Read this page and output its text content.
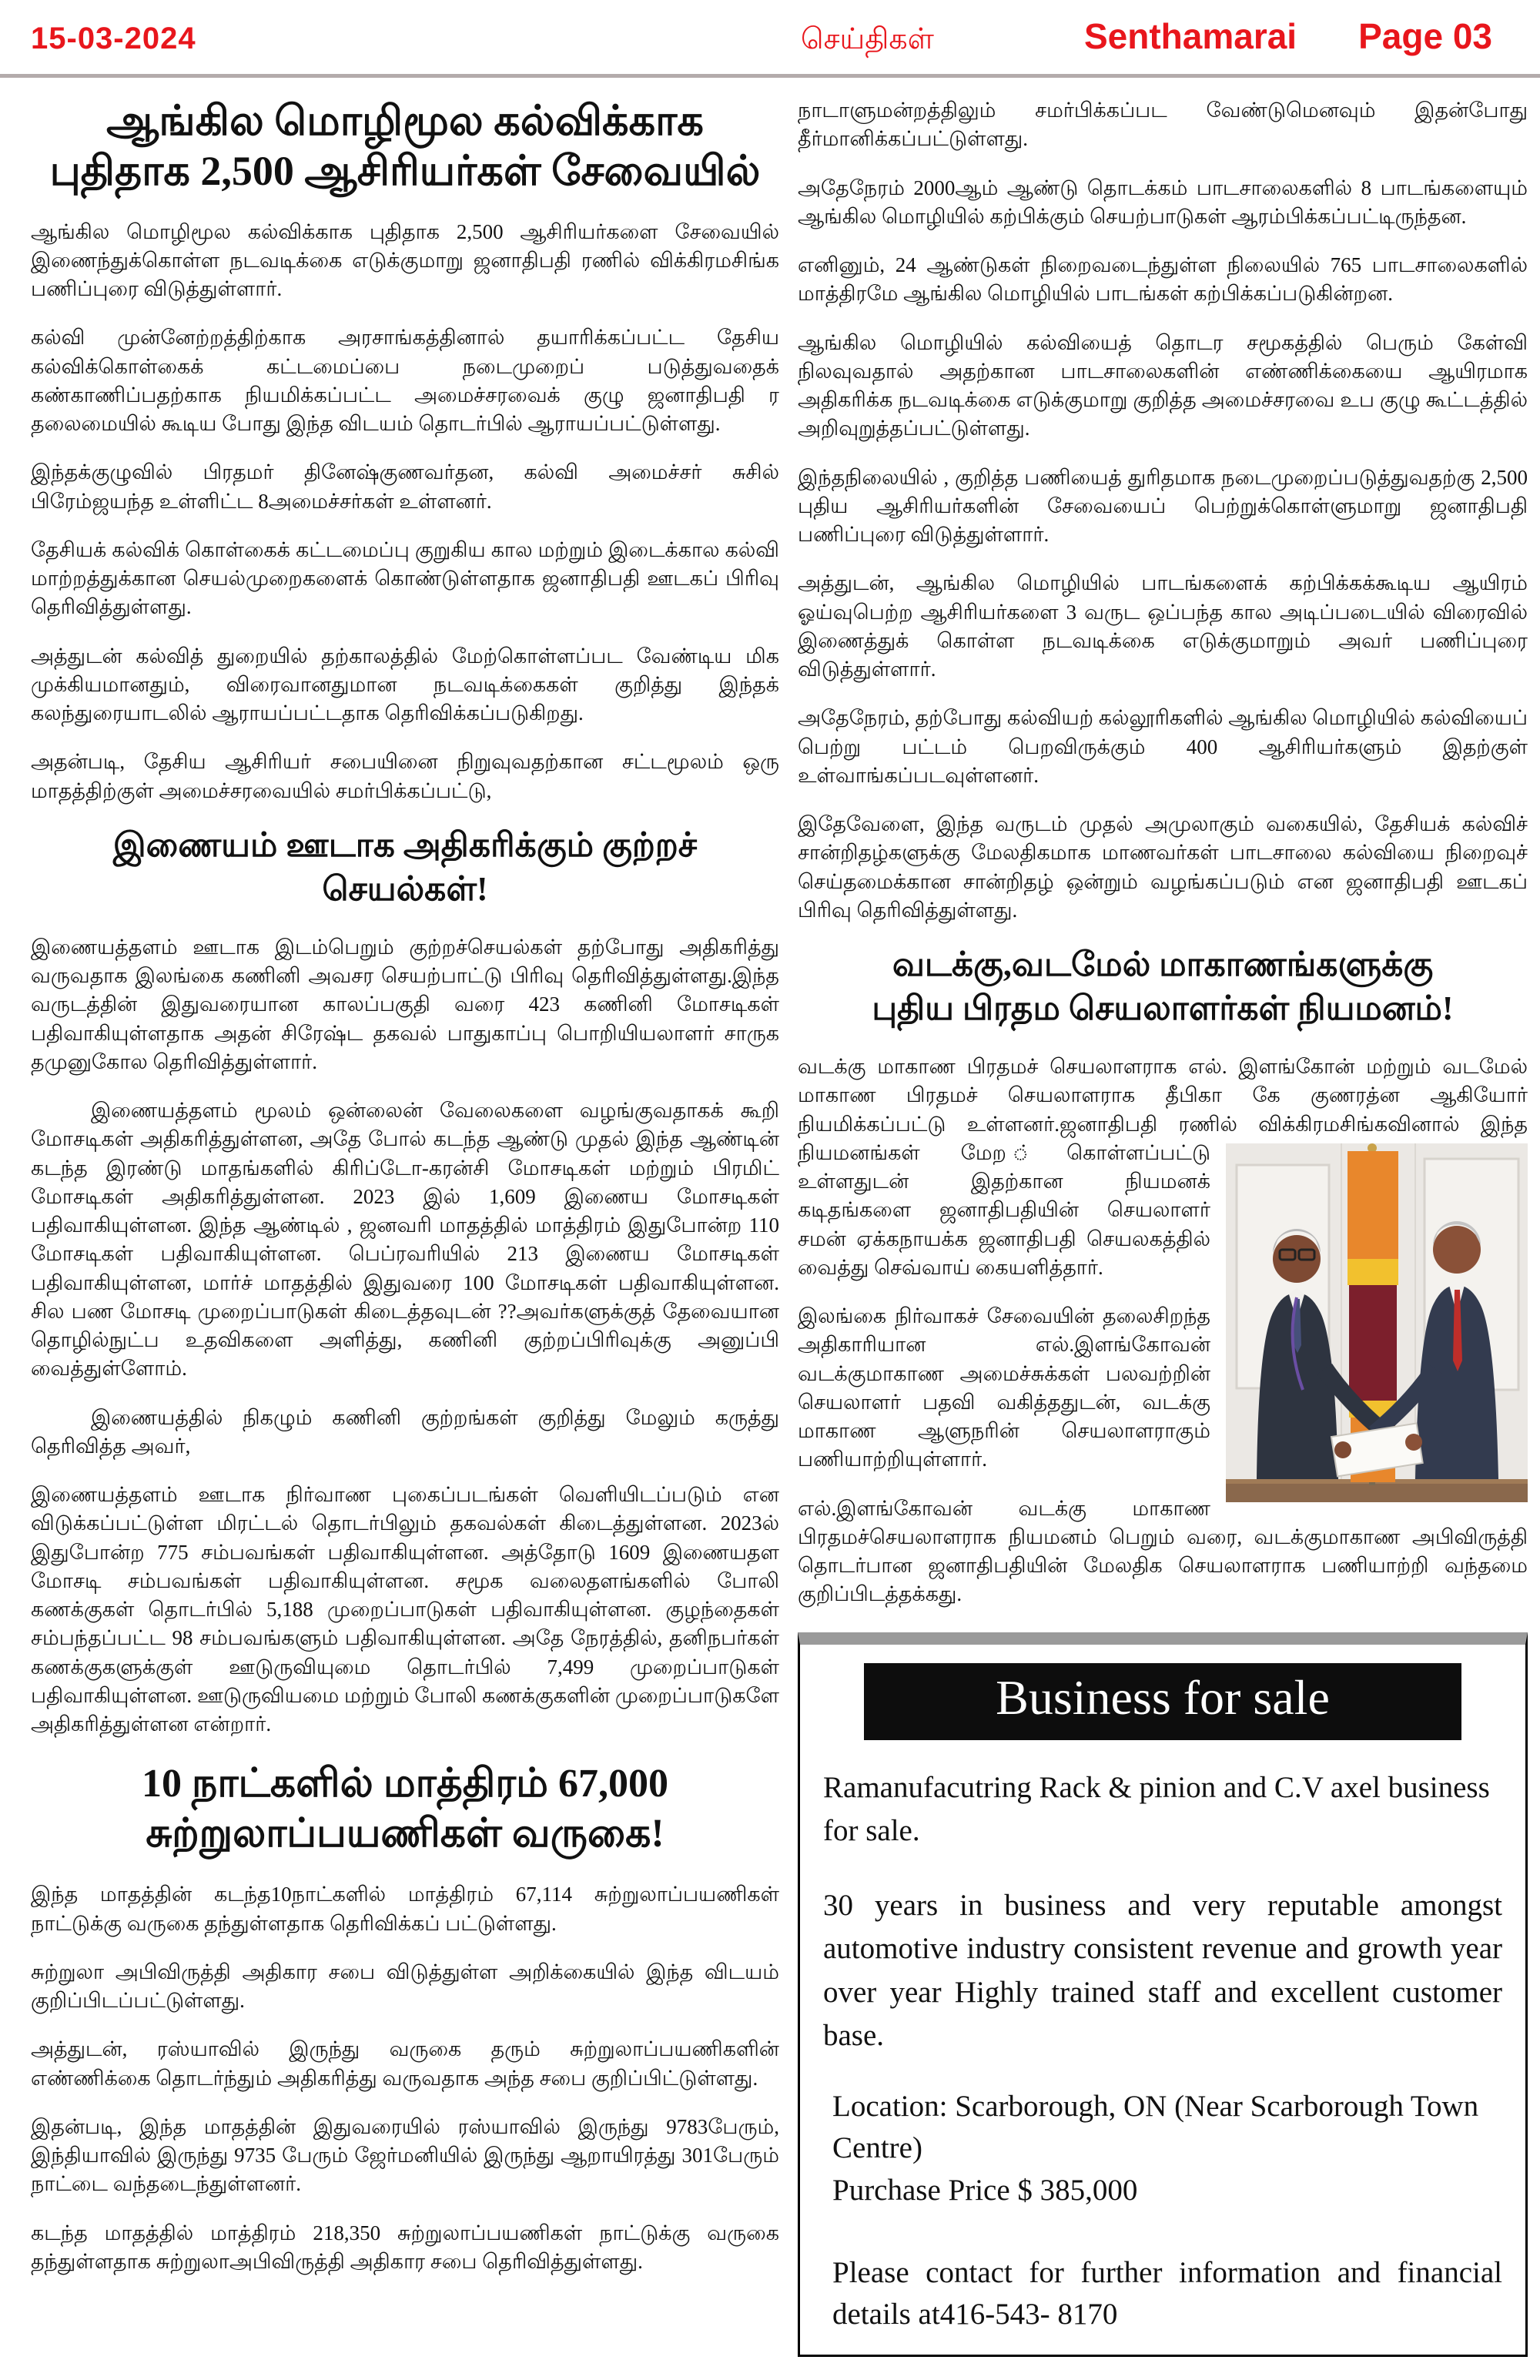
15-03-2024	செய்திகள்	Senthamarai Page 03
ஆங்கில மொழிமூல கல்விக்காக
புதிதாக 2,500 ஆசிரியர்கள் சேவையில்

ஆங்கில மொழிமூல கல்விக்காக புதிதாக 2,500 ஆசிரியர்களை சேவையில் இணைந்துக்கொள்ள நடவடிக்கை எடுக்குமாறு ஜனாதிபதி ரணில் விக்கிரமசிங்க பணிப்புரை விடுத்துள்ளார்.

கல்வி முன்னேற்றத்திற்காக அரசாங்கத்தினால் தயாரிக்கப்பட்ட தேசிய கல்விக்கொள்கைக் கட்டமைப்பை நடைமுறைப் படுத்துவதைக் கண்காணிப்பதற்காக நியமிக்கப்பட்ட அமைச்சரவைக் குழு ஜனாதிபதி ர தலைமையில் கூடிய போது இந்த விடயம் தொடர்பில் ஆராயப்பட்டுள்ளது.

இந்தக்குழுவில் பிரதமர் தினேஷ்குணவர்தன, கல்வி அமைச்சர் சுசில் பிரேம்ஜயந்த உள்ளிட்ட 8அமைச்சர்கள் உள்ளனர்.

தேசியக் கல்விக் கொள்கைக் கட்டமைப்பு குறுகிய கால மற்றும் இடைக்கால கல்வி மாற்றத்துக்கான செயல்முறைகளைக் கொண்டுள்ளதாக ஜனாதிபதி ஊடகப் பிரிவு தெரிவித்துள்ளது.

அத்துடன் கல்வித் துறையில் தற்காலத்தில் மேற்கொள்ளப்பட வேண்டிய மிக முக்கியமானதும், விரைவானதுமான நடவடிக்கைகள் குறித்து இந்தக் கலந்துரையாடலில் ஆராயப்பட்டதாக தெரிவிக்கப்படுகிறது.

அதன்படி, தேசிய ஆசிரியர் சபையினை நிறுவுவதற்கான சட்டமூலம் ஒரு மாதத்திற்குள் அமைச்சரவையில் சமர்பிக்கப்பட்டு,

இணையம் ஊடாக அதிகரிக்கும் குற்றச் செயல்கள்!

இணையத்தளம் ஊடாக இடம்பெறும் குற்றச்செயல்கள் தற்போது அதிகரித்து வருவதாக இலங்கை கணினி அவசர செயற்பாட்டு பிரிவு தெரிவித்துள்ளது.இந்த வருடத்தின் இதுவரையான காலப்பகுதி வரை 423 கணினி மோசடிகள் பதிவாகியுள்ளதாக அதன் சிரேஷ்ட தகவல் பாதுகாப்பு பொறியியலாளர் சாருக தமுனுகோல தெரிவித்துள்ளார்.

இணையத்தளம் மூலம் ஒன்லைன் வேலைகளை வழங்குவதாகக் கூறி மோசடிகள் அதிகரித்துள்ளன, அதே போல் கடந்த ஆண்டு முதல் இந்த ஆண்டின் கடந்த இரண்டு மாதங்களில் கிரிப்டோ-கரன்சி மோசடிகள் மற்றும் பிரமிட் மோசடிகள் அதிகரித்துள்ளன. 2023 இல் 1,609 இணைய மோசடிகள் பதிவாகியுள்ளன. இந்த ஆண்டில் , ஜனவரி மாதத்தில் மாத்திரம் இதுபோன்ற 110 மோசடிகள் பதிவாகியுள்ளன. பெப்ரவரியில் 213 இணைய மோசடிகள் பதிவாகியுள்ளன, மார்ச் மாதத்தில் இதுவரை 100 மோசடிகள் பதிவாகியுள்ளன. சில பண மோசடி முறைப்பாடுகள் கிடைத்தவுடன் ??அவர்களுக்குத் தேவையான தொழில்நுட்ப உதவிகளை அளித்து, கணினி குற்றப்பிரிவுக்கு அனுப்பி வைத்துள்ளோம்.

இணையத்தில் நிகழும் கணினி குற்றங்கள் குறித்து மேலும் கருத்து தெரிவித்த அவர்,

இணையத்தளம் ஊடாக நிர்வாண புகைப்படங்கள் வெளியிடப்படும் என விடுக்கப்பட்டுள்ள மிரட்டல் தொடர்பிலும் தகவல்கள் கிடைத்துள்ளன. 2023ல் இதுபோன்ற 775 சம்பவங்கள் பதிவாகியுள்ளன. அத்தோடு 1609 இணையதள மோசடி சம்பவங்கள் பதிவாகியுள்ளன. சமூக வலைதளங்களில் போலி கணக்குகள் தொடர்பில் 5,188 முறைப்பாடுகள் பதிவாகியுள்ளன. குழந்தைகள் சம்பந்தப்பட்ட 98 சம்பவங்களும் பதிவாகியுள்ளன. அதே நேரத்தில், தனிநபர்கள் கணக்குகளுக்குள் ஊடுருவியுமை தொடர்பில் 7,499 முறைப்பாடுகள் பதிவாகியுள்ளன. ஊடுருவியமை மற்றும் போலி கணக்குகளின் முறைப்பாடுகளே அதிகரித்துள்ளன என்றார்.

10 நாட்களில் மாத்திரம் 67,000
சுற்றுலாப்பயணிகள் வருகை!

இந்த மாதத்தின் கடந்த10நாட்களில் மாத்திரம் 67,114 சுற்றுலாப்பயணிகள் நாட்டுக்கு வருகை தந்துள்ளதாக தெரிவிக்கப் பட்டுள்ளது.

சுற்றுலா அபிவிருத்தி அதிகார சபை விடுத்துள்ள அறிக்கையில் இந்த விடயம் குறிப்பிடப்பட்டுள்ளது.

அத்துடன், ரஸ்யாவில் இருந்து வருகை தரும் சுற்றுலாப்பயணிகளின் எண்ணிக்கை தொடர்ந்தும் அதிகரித்து வருவதாக அந்த சபை குறிப்பிட்டுள்ளது.

இதன்படி, இந்த மாதத்தின் இதுவரையில் ரஸ்யாவில் இருந்து 9783பேரும், இந்தியாவில் இருந்து 9735 பேரும் ஜேர்மனியில் இருந்து ஆறாயிரத்து 301பேரும் நாட்டை வந்தடைந்துள்ளனர்.

கடந்த மாதத்தில் மாத்திரம் 218,350 சுற்றுலாப்பயணிகள் நாட்டுக்கு வருகை தந்துள்ளதாக சுற்றுலாஅபிவிருத்தி அதிகார சபை தெரிவித்துள்ளது.

நாடாளுமன்றத்திலும் சமர்பிக்கப்பட வேண்டுமெனவும் இதன்போது தீர்மானிக்கப்பட்டுள்ளது.

அதேநேரம் 2000ஆம் ஆண்டு தொடக்கம் பாடசாலைகளில் 8 பாடங்களையும் ஆங்கில மொழியில் கற்பிக்கும் செயற்பாடுகள் ஆரம்பிக்கப்பட்டிருந்தன.

எனினும், 24 ஆண்டுகள் நிறைவடைந்துள்ள நிலையில் 765 பாடசாலைகளில் மாத்திரமே ஆங்கில மொழியில் பாடங்கள் கற்பிக்கப்படுகின்றன.

ஆங்கில மொழியில் கல்வியைத் தொடர சமூகத்தில் பெரும் கேள்வி நிலவுவதால் அதற்கான பாடசாலைகளின் எண்ணிக்கையை ஆயிரமாக அதிகரிக்க நடவடிக்கை எடுக்குமாறு குறித்த அமைச்சரவை உப குழு கூட்டத்தில் அறிவுறுத்தப்பட்டுள்ளது.

இந்தநிலையில் , குறித்த பணியைத் துரிதமாக நடைமுறைப்படுத்துவதற்கு 2,500 புதிய ஆசிரியர்களின் சேவையைப் பெற்றுக்கொள்ளுமாறு ஜனாதிபதி பணிப்புரை விடுத்துள்ளார்.

அத்துடன், ஆங்கில மொழியில் பாடங்களைக் கற்பிக்கக்கூடிய ஆயிரம் ஓய்வுபெற்ற ஆசிரியர்களை 3 வருட ஒப்பந்த கால அடிப்படையில் விரைவில் இணைத்துக் கொள்ள நடவடிக்கை எடுக்குமாறும் அவர் பணிப்புரை விடுத்துள்ளார்.

அதேநேரம், தற்போது கல்வியற் கல்லூரிகளில் ஆங்கில மொழியில் கல்வியைப் பெற்று பட்டம் பெறவிருக்கும் 400 ஆசிரியர்களும் இதற்குள் உள்வாங்கப்படவுள்ளனர்.

இதேவேளை, இந்த வருடம் முதல் அமுலாகும் வகையில், தேசியக் கல்விச் சான்றிதழ்களுக்கு மேலதிகமாக மாணவர்கள் பாடசாலை கல்வியை நிறைவுச் செய்தமைக்கான சான்றிதழ் ஒன்றும் வழங்கப்படும் என ஜனாதிபதி ஊடகப் பிரிவு தெரிவித்துள்ளது.

வடக்கு,வடமேல் மாகாணங்களுக்கு
புதிய பிரதம செயலாளர்கள் நியமனம்!

வடக்கு மாகாண பிரதமச் செயலாளராக எல். இளங்கோன் மற்றும் வடமேல் மாகாண பிரதமச் செயலாளராக தீபிகா கே குணரத்ன ஆகியோர் நியமிக்கப்பட்டு உள்ளனர்.ஜனாதிபதி ரணில் விக்கிரமசிங்கவினால் இந்த
நியமனங்கள் மேற ்கொள்ளப்பட்டு உள்ளதுடன் இதற்கான நியமனக் கடிதங்களை ஜனாதிபதியின் செயலாளர் சமன் ஏக்கநாயக்க ஜனாதிபதி செயலகத்தில் வைத்து செவ்வாய் கையளித்தார்.

இலங்கை நிர்வாகச் சேவையின் தலைசிறந்த அதிகாரியான எல்.இளங்கோவன் வடக்குமாகாண அமைச்சுக்கள் பலவற்றின் செயலாளர் பதவி வகித்ததுடன், வடக்கு மாகாண ஆளுநரின் செயலாளராகும் பணியாற்றியுள்ளார்.

எல்.இளங்கோவன் வடக்கு மாகாண பிரதமச்செயலாளராக நியமனம் பெறும் வரை, வடக்குமாகாண அபிவிருத்தி தொடர்பான ஜனாதிபதியின் மேலதிக செயலாளராக பணியாற்றி வந்தமை குறிப்பிடத்தக்கது.

Business for sale

Ramanufacutring Rack & pinion and C.V axel business for sale.

30 years in business and very reputable amongst automotive industry consistent revenue and growth year over year Highly trained staff and excellent customer base.

Location: Scarborough, ON (Near Scarborough Town Centre)

Purchase Price $ 385,000

Please contact for further information and financial details at416-543- 8170
